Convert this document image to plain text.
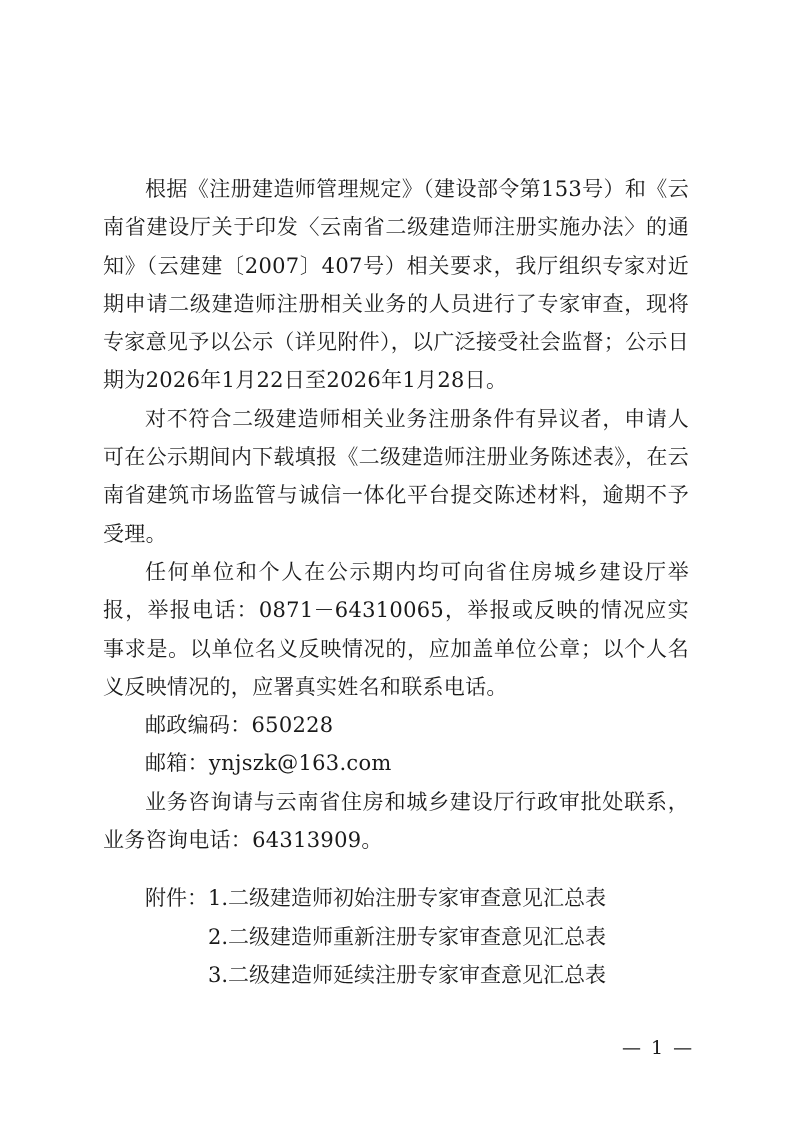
根据《注册建造师管理规定》（建设部令第153号）和《云南省建设厅关于印发〈云南省二级建造师注册实施办法〉的通知》（云建建〔2007〕407号）相关要求，我厅组织专家对近期申请二级建造师注册相关业务的人员进行了专家审查，现将专家意见予以公示（详见附件），以广泛接受社会监督；公示日期为2026年1月22日至2026年1月28日。

对不符合二级建造师相关业务注册条件有异议者，申请人可在公示期间内下载填报《二级建造师注册业务陈述表》，在云南省建筑市场监管与诚信一体化平台提交陈述材料，逾期不予受理。

任何单位和个人在公示期内均可向省住房城乡建设厅举报，举报电话：0871－64310065，举报或反映的情况应实事求是。以单位名义反映情况的，应加盖单位公章；以个人名义反映情况的，应署真实姓名和联系电话。

邮政编码：650228

邮箱：ynjszk@163.com

业务咨询请与云南省住房和城乡建设厅行政审批处联系，业务咨询电话：64313909。

附件： 1.二级建造师初始注册专家审查意见汇总表
2.二级建造师重新注册专家审查意见汇总表
3.二级建造师延续注册专家审查意见汇总表
— 1 —
